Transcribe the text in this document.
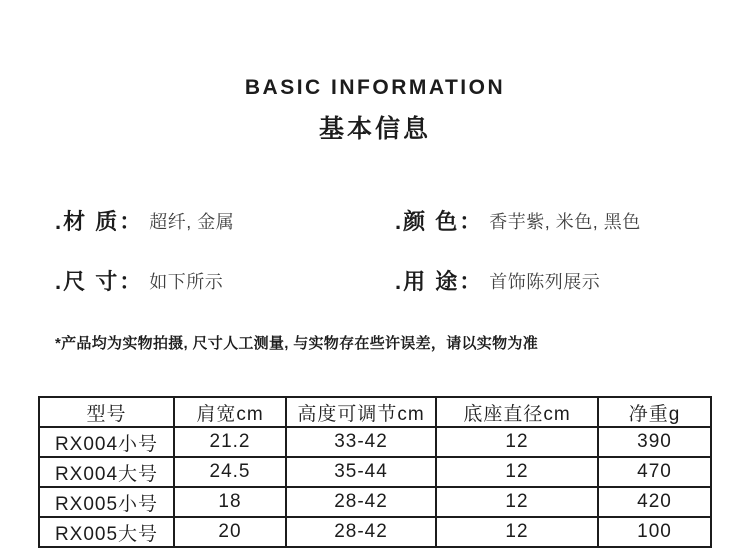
BASIC INFORMATION
基本信息
.材 质： 超纤, 金属	.颜 色： 香芋紫, 米色, 黑色
.尺 寸： 如下所示	.用 途： 首饰陈列展示

*产品均为实物拍摄, 尺寸人工测量, 与实物存在些许误差，请以实物为准

型号	肩宽cm	高度可调节cm	底座直径cm	净重g
RX004小号	21.2	33-42	12	390
RX004大号	24.5	35-44	12	470
RX005小号	18	28-42	12	420
RX005大号	20	28-42	12	100
